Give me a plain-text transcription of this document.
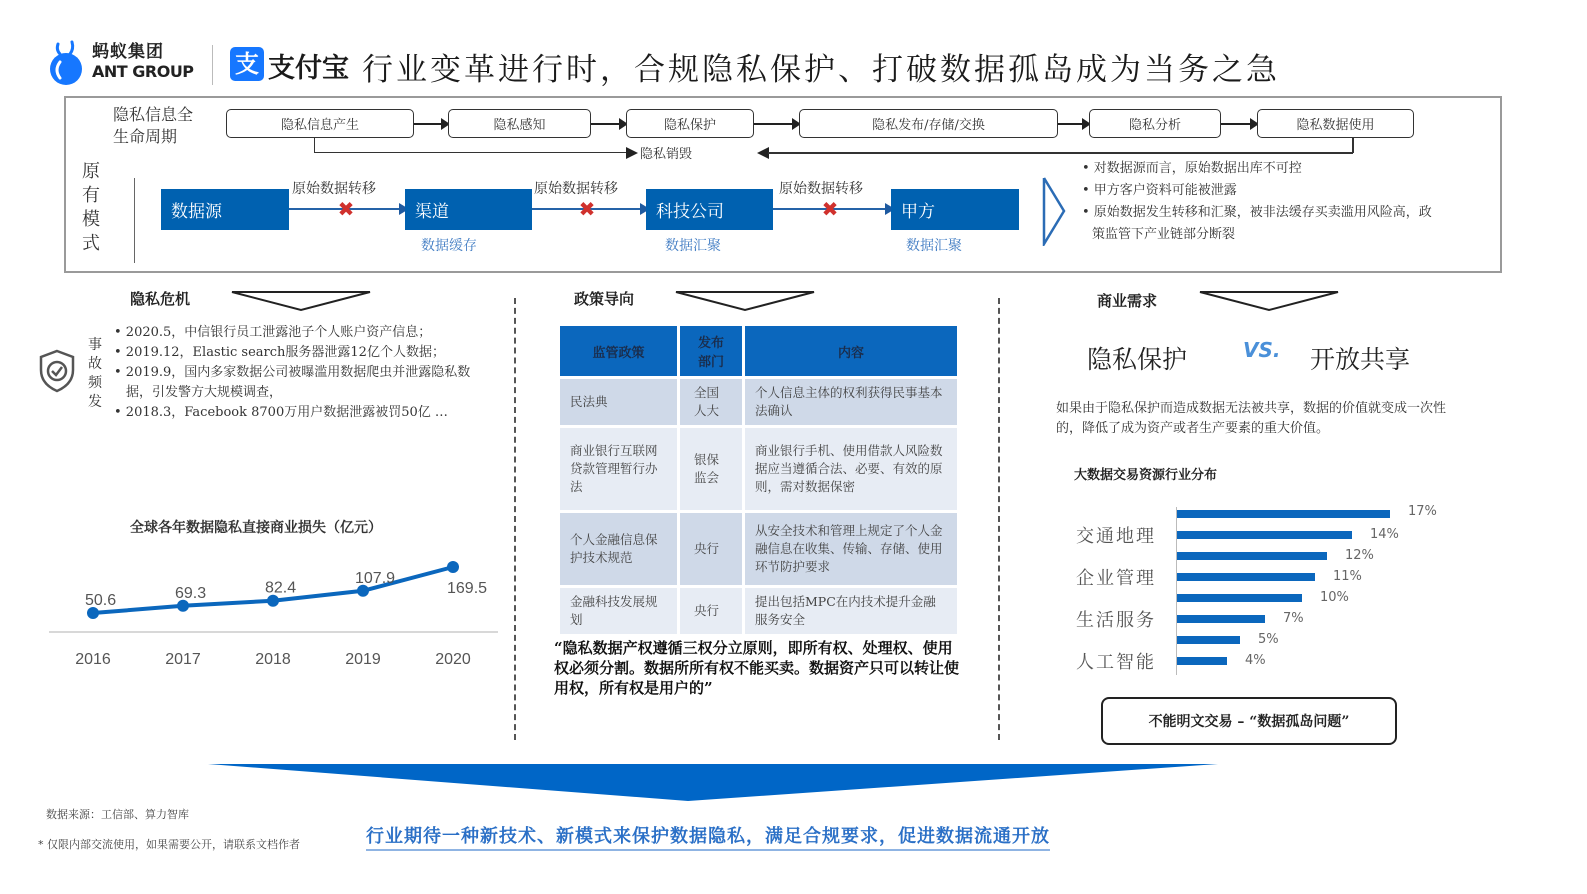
蚂蚁集团
ANT GROUP 支 支付宝 行业变革进行时，合规隐私保护、打破数据孤岛成为当务之急
隐私信息全
生命周期
隐私信息产生	隐私感知	隐私保护	隐私发布/存储/交换	隐私分析	隐私数据使用
隐私销毁
原
有
模
式
数据源
原始数据转移
✖	渠道
原始数据转移
✖	科技公司
原始数据转移
✖	甲方
数据缓存	数据汇聚	数据汇聚
• 对数据源而言，原始数据出库不可控
• 甲方客户资料可能被泄露
• 原始数据发生转移和汇聚，被非法缓存买卖滥用风险高，政策监管下产业链部分断裂
隐私危机
事
故
频
发
• 2020.5，中信银行员工泄露池子个人账户资产信息；
• 2019.12，Elastic search服务器泄露12亿个人数据；
• 2019.9，国内多家数据公司被曝滥用数据爬虫并泄露隐私数据，引发警方大规模调查，
• 2018.3，Facebook 8700万用户数据泄露被罚50亿 …
全球各年数据隐私直接商业损失（亿元）
50.6	69.3	82.4
107.9
169.5
2016	2017	2018	2019	2020
政策导向
监管政策	发布部门	内容
民法典	全国人大	个人信息主体的权利获得民事基本法确认
商业银行互联网贷款管理暂行办法	银保监会	商业银行手机、使用借款人风险数据应当遵循合法、必要、有效的原则，需对数据保密
个人金融信息保护技术规范	央行	从安全技术和管理上规定了个人金融信息在收集、传输、存储、使用环节防护要求
金融科技发展规划	央行	提出包括MPC在内技术提升金融服务安全
“隐私数据产权遵循三权分立原则，即所有权、处理权、使用权必须分割。数据所所有权不能买卖。数据资产只可以转让使用权，所有权是用户的”
商业需求
隐私保护	VS. 开放共享
如果由于隐私保护而造成数据无法被共享，数据的价值就变成一次性的，降低了成为资产或者生产要素的重大价值。
大数据交易资源行业分布
17%
14%
12%
11%
10%
7%
5%
4%
交通地理
企业管理
生活服务
人工智能
不能明文交易 – “数据孤岛问题”
数据来源：工信部、算力智库
* 仅限内部交流使用，如果需要公开，请联系文档作者	行业期待一种新技术、新模式来保护数据隐私，满足合规要求，促进数据流通开放
